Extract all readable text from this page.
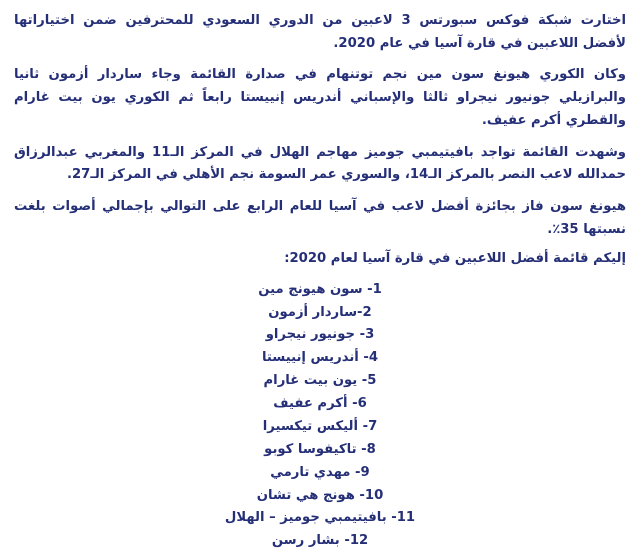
اختارت شبكة فوكس سبورتس 3 لاعبين من الدوري السعودي للمحترفين ضمن اختياراتها لأفضل اللاعبين في قارة آسيا في عام 2020.

وكان الكوري هيونغ سون مين نجم توتنهام في صدارة القائمة وجاء ساردار أزمون ثانيا والبرازيلي جونيور نيجراو ثالثا والإسباني أندريس إنييستا رابعاً ثم الكوري يون بيت غارام والقطري أكرم عفيف.

وشهدت القائمة تواجد بافيتيمبي جوميز مهاجم الهلال في المركز الـ11 والمغربي عبدالرزاق حمدالله لاعب النصر بالمركز الـ14، والسوري عمر السومة نجم الأهلي في المركز الـ27.

هيونغ سون فاز بجائزة أفضل لاعب في آسيا للعام الرابع على التوالي بإجمالي أصوات بلغت نسبتها 35٪.

إليكم قائمة أفضل اللاعبين في قارة آسيا لعام 2020:

1- سون هيونج مين
2-ساردار أزمون
3- جونيور نيجراو
4- أندريس إنييستا
5- يون بيت غارام
6- أكرم عفيف
7- أليكس تيكسيرا
8- تاكيفوسا كوبو
9- مهدي تارمي
10- هونج هي تشان
11- بافيتيمبي جوميز – الهلال
12- بشار رسن
